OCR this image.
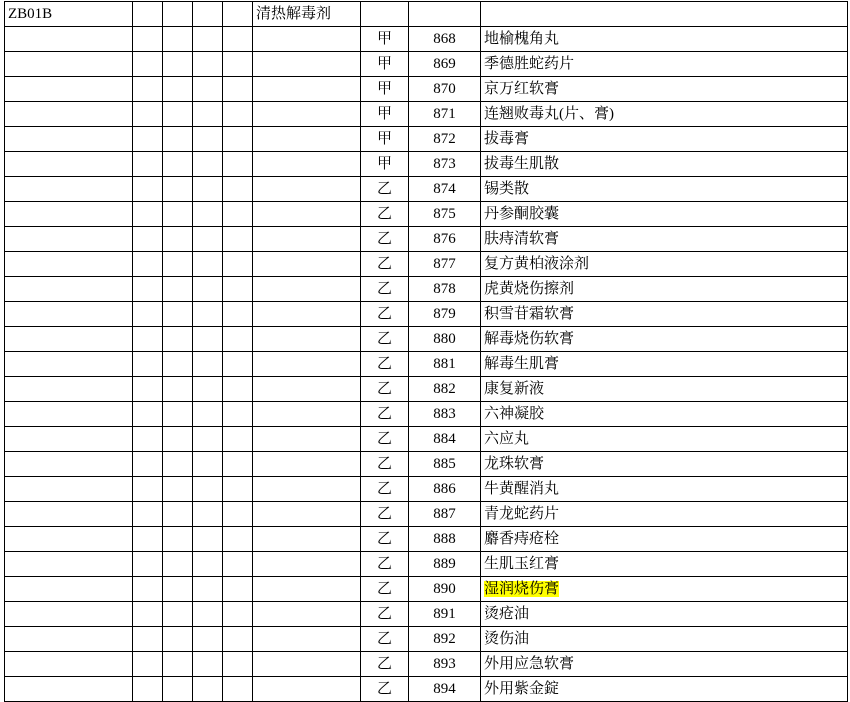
ZB01B					清热解毒剂			
						甲	868	地榆槐角丸
						甲	869	季德胜蛇药片
						甲	870	京万红软膏
						甲	871	连翘败毒丸(片、膏)
						甲	872	拔毒膏
						甲	873	拔毒生肌散
						乙	874	锡类散
						乙	875	丹参酮胶囊
						乙	876	肤痔清软膏
						乙	877	复方黄柏液涂剂
						乙	878	虎黄烧伤擦剂
						乙	879	积雪苷霜软膏
						乙	880	解毒烧伤软膏
						乙	881	解毒生肌膏
						乙	882	康复新液
						乙	883	六神凝胶
						乙	884	六应丸
						乙	885	龙珠软膏
						乙	886	牛黄醒消丸
						乙	887	青龙蛇药片
						乙	888	麝香痔疮栓
						乙	889	生肌玉红膏
						乙	890	湿润烧伤膏
						乙	891	烫疮油
						乙	892	烫伤油
						乙	893	外用应急软膏
						乙	894	外用紫金錠
